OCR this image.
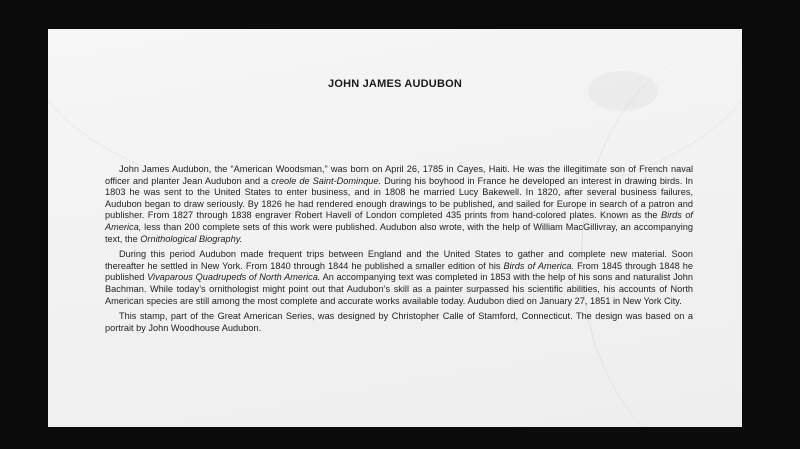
JOHN JAMES AUDUBON

John James Audubon, the “American Woodsman,” was born on April 26, 1785 in Cayes, Haiti. He was the illegitimate son of French naval officer and planter Jean Audubon and a creole de Saint-Dominque. During his boyhood in France he developed an interest in drawing birds. In 1803 he was sent to the United States to enter business, and in 1808 he married Lucy Bakewell. In 1820, after several business failures, Audubon began to draw seriously. By 1826 he had rendered enough drawings to be published, and sailed for Europe in search of a patron and publisher. From 1827 through 1838 engraver Robert Havell of London completed 435 prints from hand-colored plates. Known as the Birds of America, less than 200 complete sets of this work were published. Audubon also wrote, with the help of William MacGillivray, an accompanying text, the Ornithological Biography.

During this period Audubon made frequent trips between England and the United States to gather and complete new material. Soon thereafter he settled in New York. From 1840 through 1844 he published a smaller edition of his Birds of America. From 1845 through 1848 he published Vivaparous Quadrupeds of North America. An accompanying text was completed in 1853 with the help of his sons and naturalist John Bachman. While today’s ornithologist might point out that Audubon’s skill as a painter surpassed his scientific abilities, his accounts of North American species are still among the most complete and accurate works available today. Audubon died on January 27, 1851 in New York City.

This stamp, part of the Great American Series, was designed by Christopher Calle of Stamford, Connecticut. The design was based on a portrait by John Woodhouse Audubon.
